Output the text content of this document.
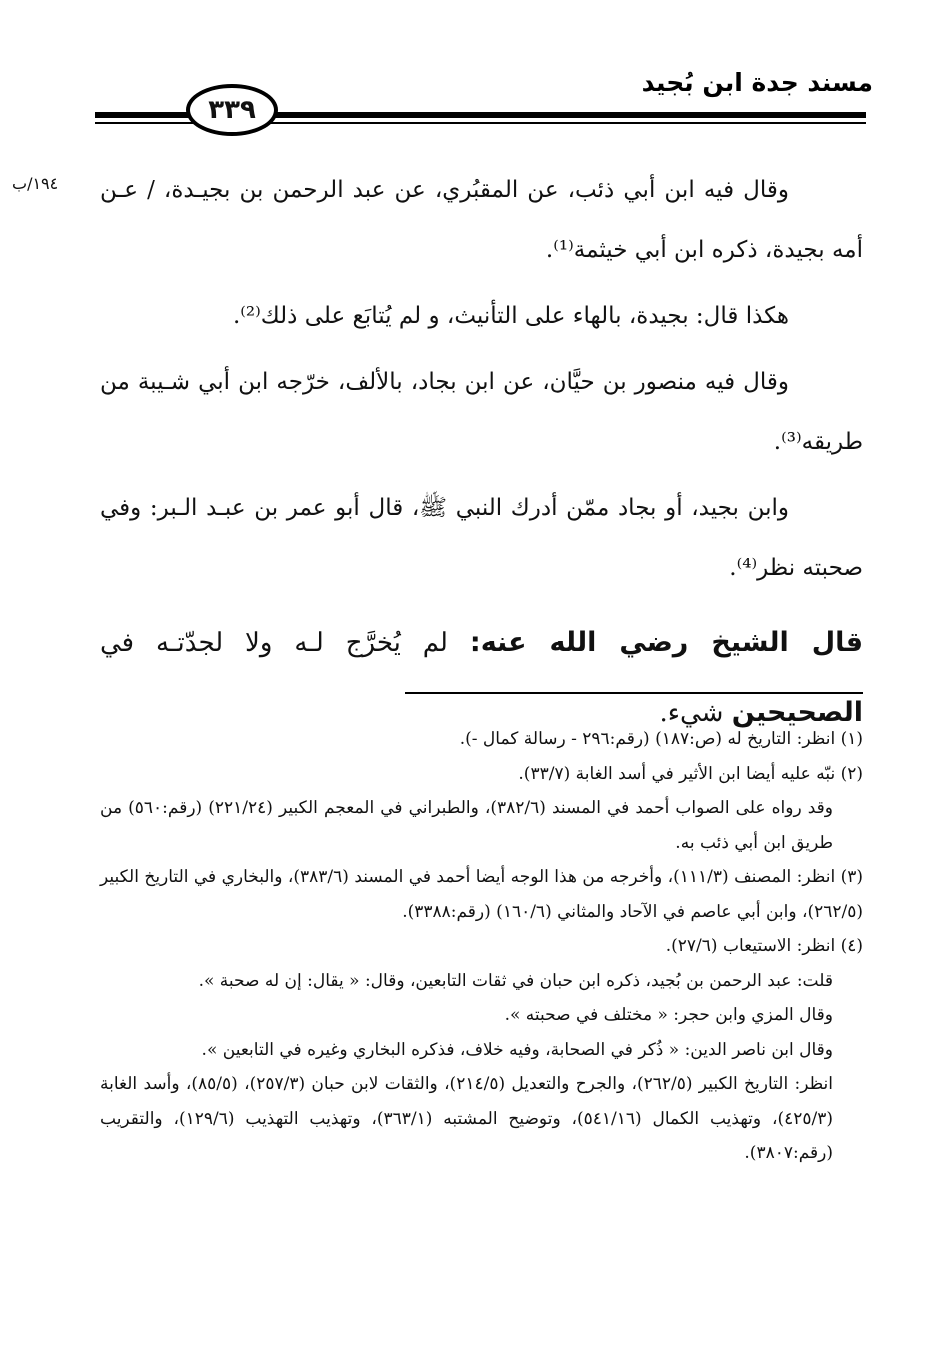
مسند جدة ابن بُجيد
٣٣٩
١٩٤/ب وقال فيه ابن أبي ذئب، عن المقبُري، عن عبد الرحمن بن بجيـدة، / عـن أمه بجيدة، ذكره ابن أبي خيثمة⁽¹⁾.

هكذا قال: بجيدة، بالهاء على التأنيث، و لم يُتابَع على ذلك⁽²⁾.

وقال فيه منصور بن حيَّان، عن ابن بجاد، بالألف، خرّجه ابن أبي شـيبة من طريقه⁽³⁾.

وابن بجيد، أو بجاد ممّن أدرك النبي ﷺ، قال أبو عمر بن عبـد الـبر: وفي صحبته نظر⁽⁴⁾.

قال الشيخ رضي الله عنه: لم يُخرَّج لـه ولا لجدّتـه في الصحيحين شيء.

(١) انظر: التاريخ له (ص:١٨٧) (رقم:٢٩٦ - رسالة كمال -).

(٢) نبّه عليه أيضا ابن الأثير في أسد الغابة (٣٣/٧).

وقد رواه على الصواب أحمد في المسند (٣٨٢/٦)، والطبراني في المعجم الكبير (٢٢١/٢٤) (رقم:٥٦٠) من طريق ابن أبي ذئب به.

(٣) انظر: المصنف (١١١/٣)، وأخرجه من هذا الوجه أيضا أحمد في المسند (٣٨٣/٦)، والبخاري في التاريخ الكبير (٢٦٢/٥)، وابن أبي عاصم في الآحاد والمثاني (١٦٠/٦) (رقم:٣٣٨٨).

(٤) انظر: الاستيعاب (٢٧/٦).

قلت: عبد الرحمن بن بُجيد، ذكره ابن حبان في ثقات التابعين، وقال: « يقال: إن له صحبة ».

وقال المزي وابن حجر: « مختلف في صحبته ».

وقال ابن ناصر الدين: « ذُكر في الصحابة، وفيه خلاف، فذكره البخاري وغيره في التابعين ».

انظر: التاريخ الكبير (٢٦٢/٥)، والجرح والتعديل (٢١٤/٥)، والثقات لابن حبان (٢٥٧/٣)، (٨٥/٥)، وأسد الغابة (٤٢٥/٣)، وتهذيب الكمال (٥٤١/١٦)، وتوضيح المشتبه (٣٦٣/١)، وتهذيب التهذيب (١٢٩/٦)، والتقريب (رقم:٣٨٠٧).
